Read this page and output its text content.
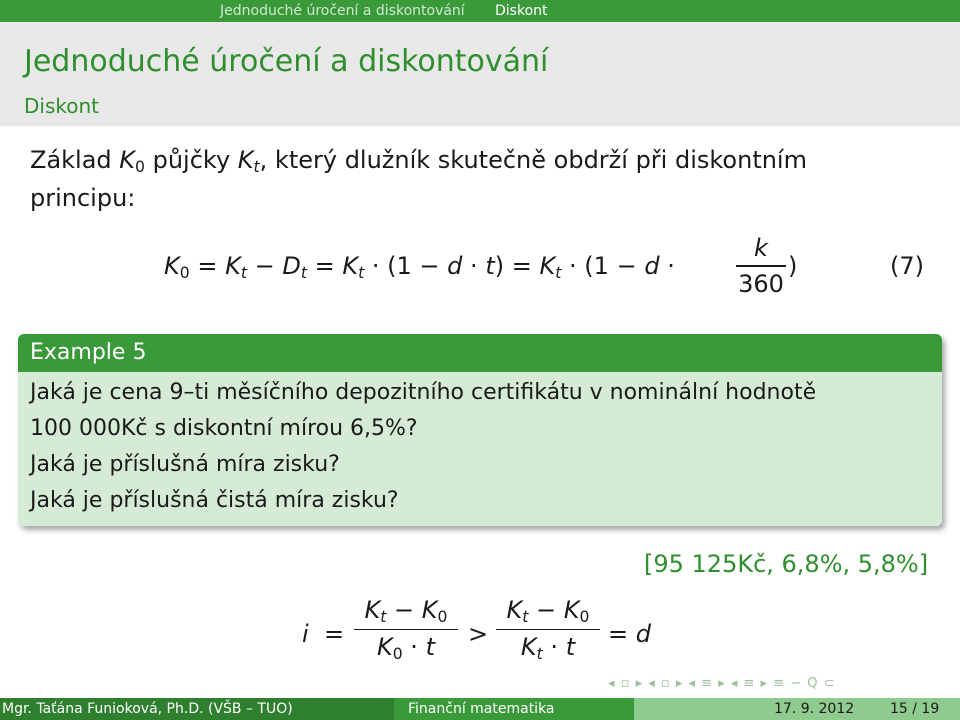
Jednoduché úročení a diskontování Diskont
Jednoduché úročení a diskontování
Diskont
Základ $K_0$ půjčky $K_t$, který dlužník skutečně obdrží při diskontním
principu:
$K_0 = K_t - D_t = K_t \cdot (1 - d \cdot t) = K_t \cdot (1 - d$ ·
k
360
)	(7)
Example 5
Jaká je cena 9–ti měsíčního depozitního certifikátu v nominální hodnotě
100 000Kč s diskontní mírou 6,5%?
Jaká je příslušná míra zisku?
Jaká je příslušná čistá míra zisku?
[95 125Kč, 6,8%, 5,8%]
i =
$K_t - K_0$
$K_0 \cdot t$	>
$K_t - K_0$
$K_t \cdot t$	= d
◂ ▫ ▸ ◂ ▫ ▸ ◂ ≡ ▸ ◂ ≡ ▸ ≡ ∽ Q ⊂
Mgr. Taťána Funioková, Ph.D. (VŠB – TUO)	Finanční matematika	17. 9. 2012	15 / 19
